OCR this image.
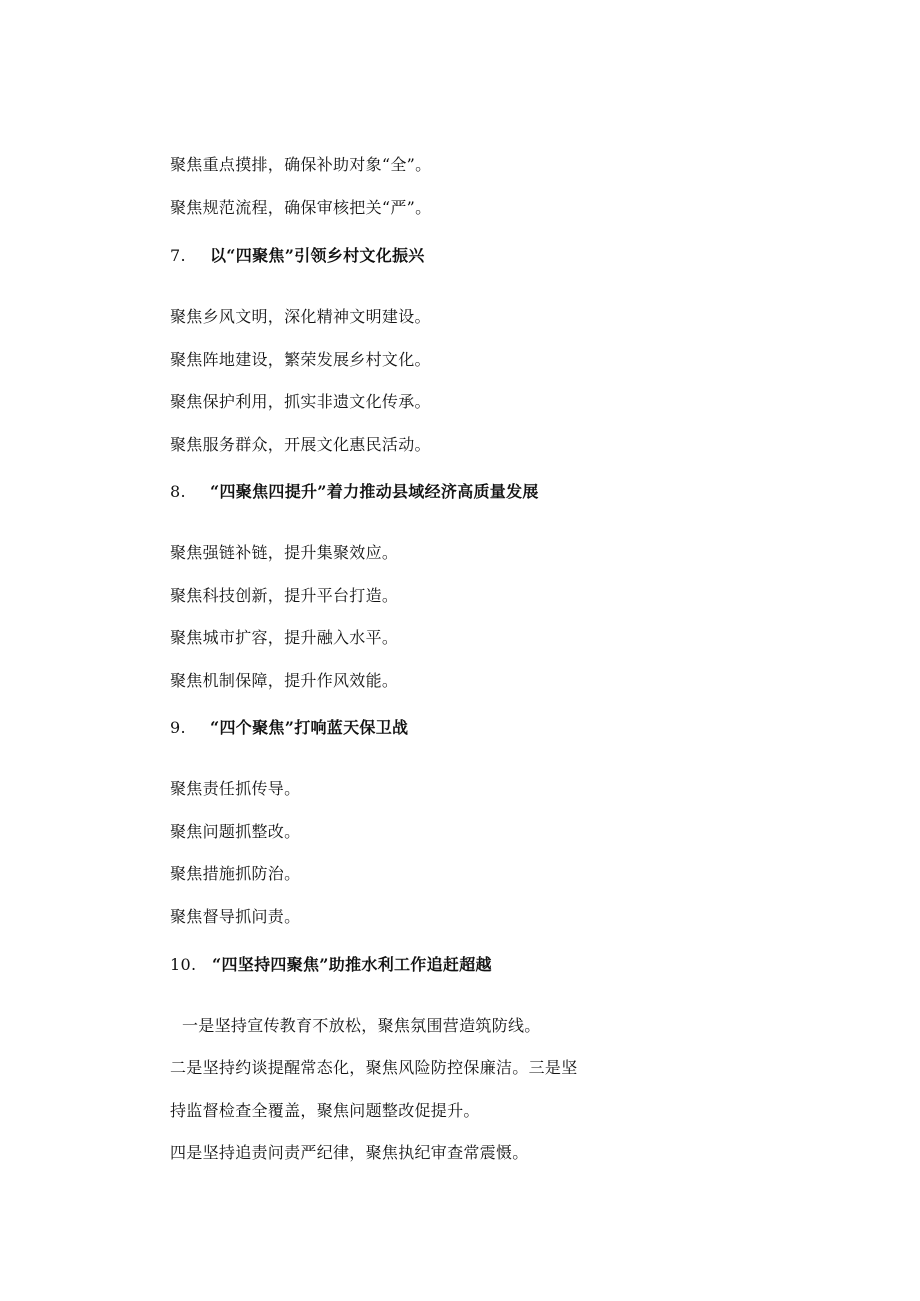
聚焦重点摸排，确保补助对象“全”。
聚焦规范流程，确保审核把关“严”。
7. 以“四聚焦”引领乡村文化振兴
聚焦乡风文明，深化精神文明建设。
聚焦阵地建设，繁荣发展乡村文化。
聚焦保护利用，抓实非遗文化传承。
聚焦服务群众，开展文化惠民活动。
8. “四聚焦四提升”着力推动县域经济高质量发展
聚焦强链补链，提升集聚效应。
聚焦科技创新，提升平台打造。
聚焦城市扩容，提升融入水平。
聚焦机制保障，提升作风效能。
9. “四个聚焦”打响蓝天保卫战
聚焦责任抓传导。
聚焦问题抓整改。
聚焦措施抓防治。
聚焦督导抓问责。
10. “四坚持四聚焦”助推水利工作追赶超越
一是坚持宣传教育不放松，聚焦氛围营造筑防线。
二是坚持约谈提醒常态化，聚焦风险防控保廉洁。三是坚
持监督检查全覆盖，聚焦问题整改促提升。
四是坚持追责问责严纪律，聚焦执纪审查常震慑。
